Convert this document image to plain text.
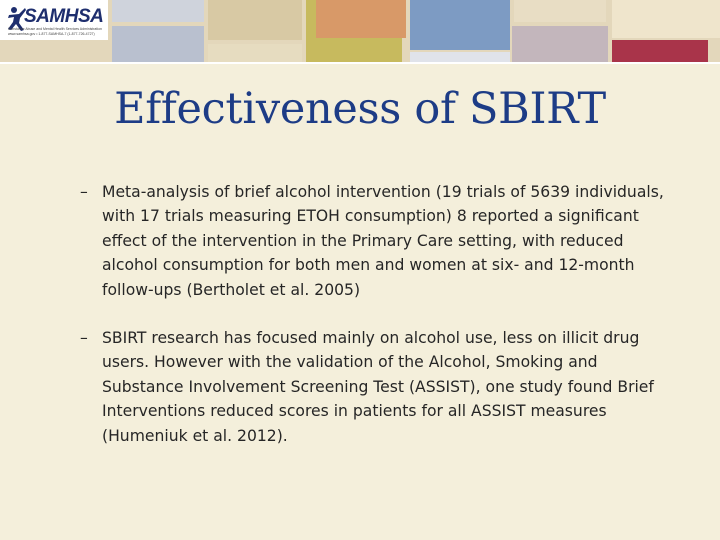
SAMHSA
Substance Abuse and Mental Health Services Administration
www.samhsa.gov • 1-877-SAMHSA-7 (1-877-726-4727)
Effectiveness of SBIRT
– Meta-analysis of brief alcohol intervention (19 trials of 5639 individuals, with 17 trials measuring ETOH consumption) 8 reported a significant effect of the intervention in the Primary Care setting, with reduced alcohol consumption for both men and women at six- and 12-month follow-ups (Bertholet et al. 2005)
– SBIRT research has focused mainly on alcohol use, less on illicit drug users. However with the validation of the Alcohol, Smoking and Substance Involvement Screening Test (ASSIST), one study found Brief Interventions reduced scores in patients for all ASSIST measures (Humeniuk et al. 2012).
